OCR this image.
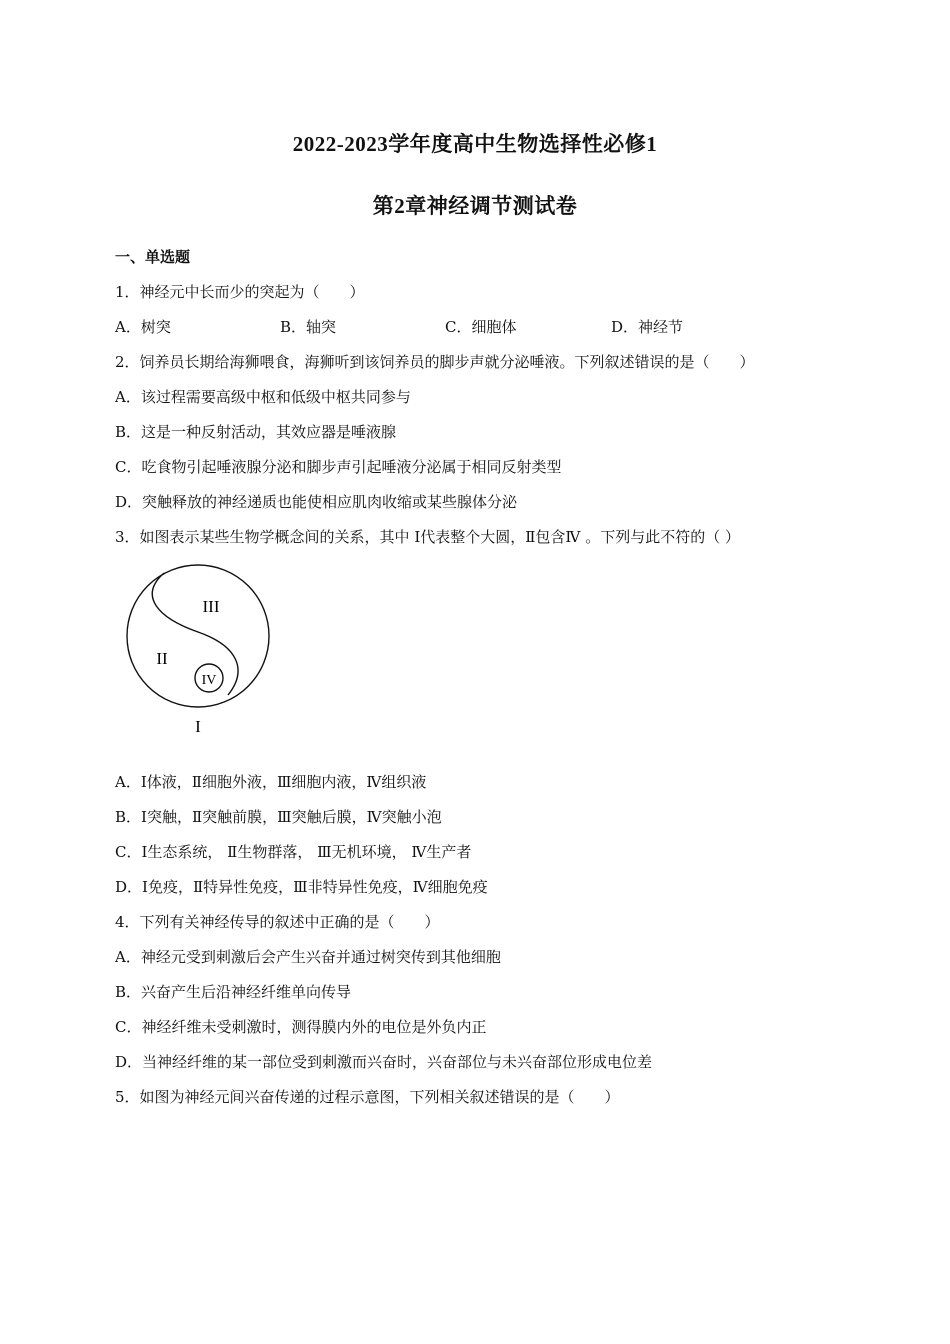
2022-2023学年度高中生物选择性必修1
第2章神经调节测试卷
一、单选题
1．神经元中长而少的突起为（　　）
A．树突	B．轴突	C．细胞体	D．神经节
2．饲养员长期给海狮喂食，海狮听到该饲养员的脚步声就分泌唾液。下列叙述错误的是（　　）
A．该过程需要高级中枢和低级中枢共同参与
B．这是一种反射活动，其效应器是唾液腺
C．吃食物引起唾液腺分泌和脚步声引起唾液分泌属于相同反射类型
D．突触释放的神经递质也能使相应肌肉收缩或某些腺体分泌
3．如图表示某些生物学概念间的关系，其中 Ⅰ代表整个大圆，Ⅱ包含Ⅳ 。下列与此不符的（ ）
III
II
IV
I
A．Ⅰ体液，Ⅱ细胞外液，Ⅲ细胞内液，Ⅳ组织液
B．Ⅰ突触，Ⅱ突触前膜，Ⅲ突触后膜，Ⅳ突触小泡
C．Ⅰ生态系统， Ⅱ生物群落， Ⅲ无机环境， Ⅳ生产者
D．Ⅰ免疫，Ⅱ特异性免疫，Ⅲ非特异性免疫，Ⅳ细胞免疫
4．下列有关神经传导的叙述中正确的是（　　）
A．神经元受到刺激后会产生兴奋并通过树突传到其他细胞
B．兴奋产生后沿神经纤维单向传导
C．神经纤维未受刺激时，测得膜内外的电位是外负内正
D．当神经纤维的某一部位受到刺激而兴奋时，兴奋部位与未兴奋部位形成电位差
5．如图为神经元间兴奋传递的过程示意图，下列相关叙述错误的是（　　）
